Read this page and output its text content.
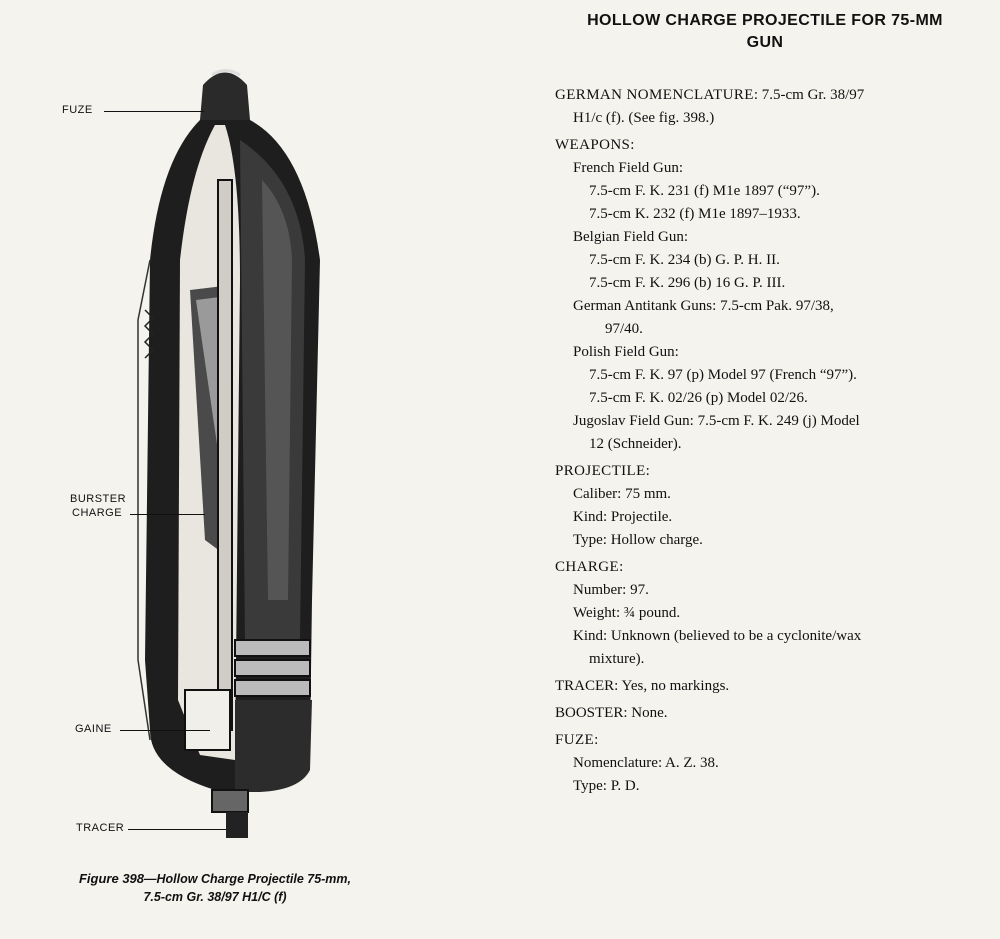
FUZE
BURSTER
CHARGE
GAINE
TRACER
Figure 398—Hollow Charge Projectile 75-mm,
7.5-cm Gr. 38/97 H1/C (f)
HOLLOW CHARGE PROJECTILE FOR 75-MM
GUN
GERMAN NOMENCLATURE: 7.5-cm Gr. 38/97
H1/c (f). (See fig. 398.)
WEAPONS:
French Field Gun:
7.5-cm F. K. 231 (f) M1e 1897 (“97”).
7.5-cm K. 232 (f) M1e 1897–1933.
Belgian Field Gun:
7.5-cm F. K. 234 (b) G. P. H. II.
7.5-cm F. K. 296 (b) 16 G. P. III.
German Antitank Guns: 7.5-cm Pak. 97/38,
97/40.
Polish Field Gun:
7.5-cm F. K. 97 (p) Model 97 (French “97”).
7.5-cm F. K. 02/26 (p) Model 02/26.
Jugoslav Field Gun: 7.5-cm F. K. 249 (j) Model
12 (Schneider).
PROJECTILE:
Caliber: 75 mm.
Kind: Projectile.
Type: Hollow charge.
CHARGE:
Number: 97.
Weight: ¾ pound.
Kind: Unknown (believed to be a cyclonite/wax
mixture).
TRACER: Yes, no markings.
BOOSTER: None.
FUZE:
Nomenclature: A. Z. 38.
Type: P. D.
